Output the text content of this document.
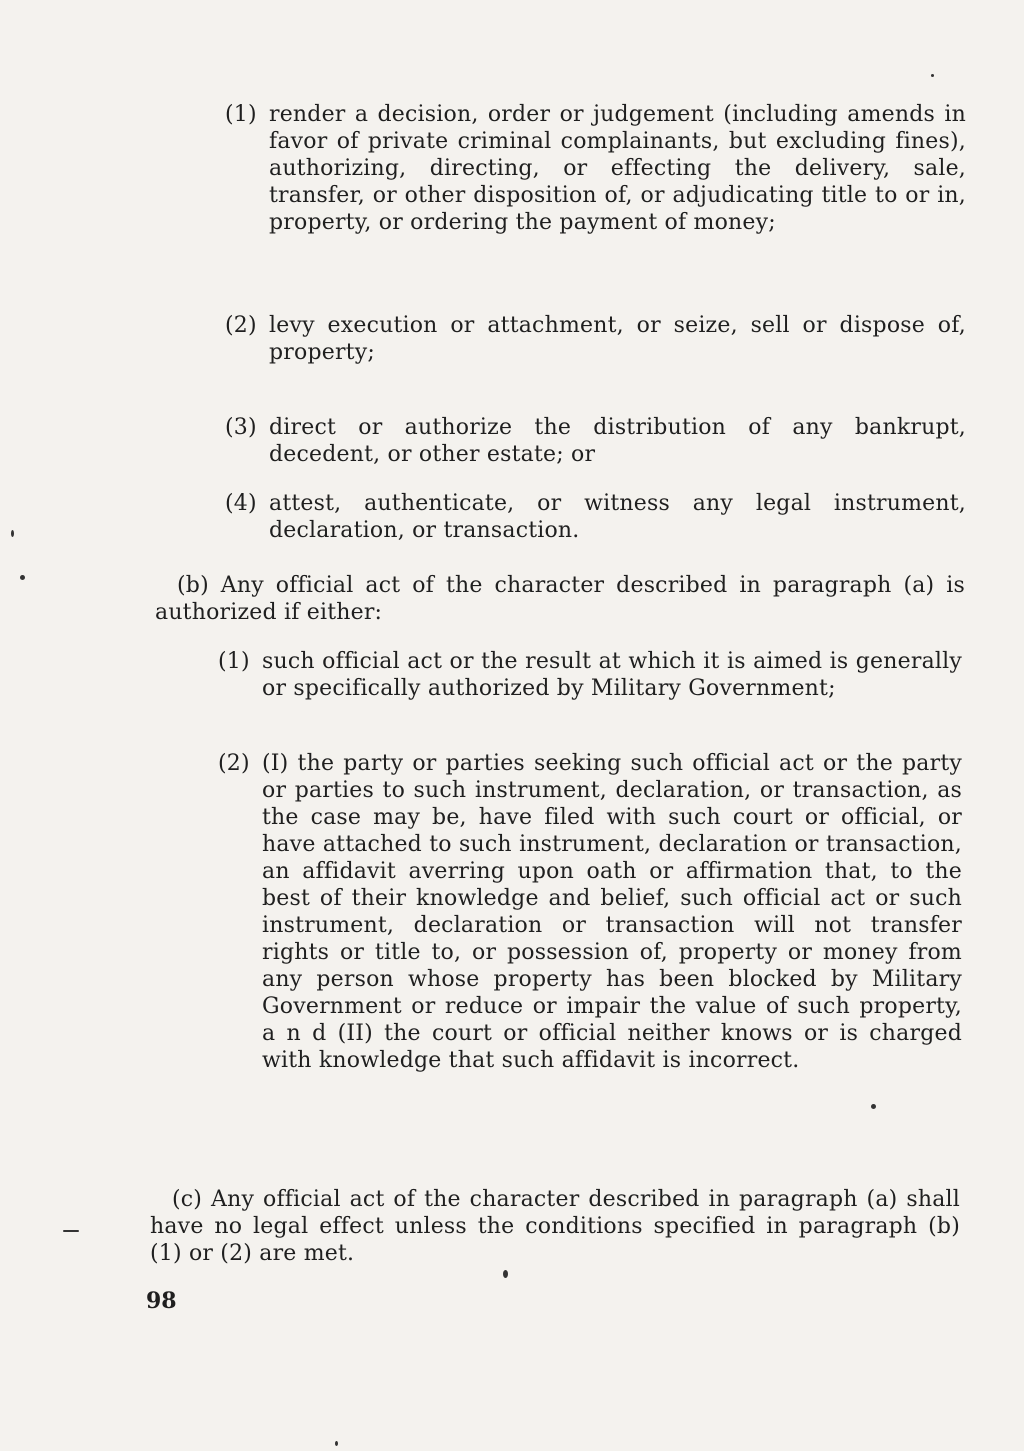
(1) render a decision, order or judgement (including amends in favor of private criminal complainants, but excluding fines), authorizing, directing, or effecting the delivery, sale, transfer, or other disposition of, or adjudicating title to or in, property, or ordering the payment of money;
(2) levy execution or attachment, or seize, sell or dispose of, property;
(3) direct or authorize the distribution of any bankrupt, decedent, or other estate; or
(4) attest, authenticate, or witness any legal instrument, declaration, or transaction.
(b) Any official act of the character described in paragraph (a) is authorized if either:
(1) such official act or the result at which it is aimed is generally or specifically authorized by Military Government;
(2) (I) the party or parties seeking such official act or the party or parties to such instrument, declaration, or transaction, as the case may be, have filed with such court or official, or have attached to such instrument, declaration or transaction, an affidavit averring upon oath or affirmation that, to the best of their knowledge and belief, such official act or such instrument, declaration or transaction will not transfer rights or title to, or possession of, property or money from any person whose property has been blocked by Military Government or reduce or impair the value of such property, a n d (II) the court or official neither knows or is charged with knowledge that such affidavit is incorrect.
(c) Any official act of the character described in paragraph (a) shall have no legal effect unless the conditions specified in paragraph (b) (1) or (2) are met.
98
